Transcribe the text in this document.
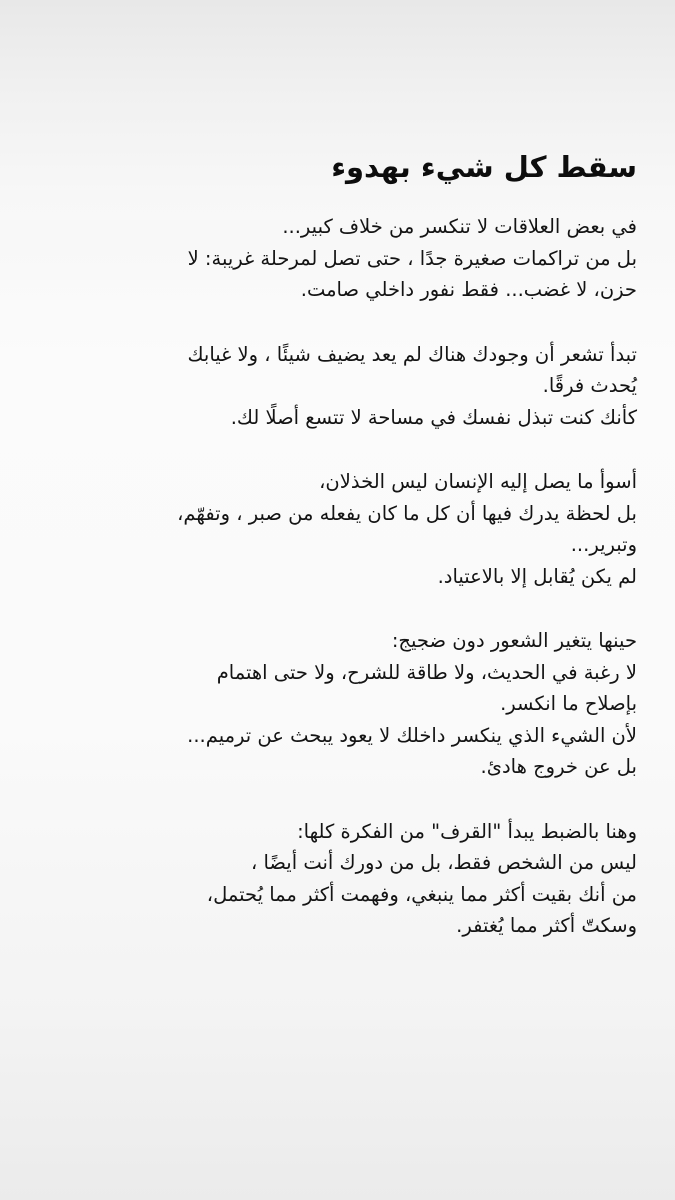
سقط كل شيء بهدوء
في بعض العلاقات لا تنكسر من خلاف كبير...
بل من تراكمات صغيرة جدًا ، حتى تصل لمرحلة غريبة: لا
حزن، لا غضب... فقط نفور داخلي صامت.
تبدأ تشعر أن وجودك هناك لم يعد يضيف شيئًا ، ولا غيابك
يُحدث فرقًا.
كأنك كنت تبذل نفسك في مساحة لا تتسع أصلًا لك.
أسوأ ما يصل إليه الإنسان ليس الخذلان،
بل لحظة يدرك فيها أن كل ما كان يفعله من صبر ، وتفهّم،
وتبرير...
لم يكن يُقابل إلا بالاعتياد.
حينها يتغير الشعور دون ضجيج:
لا رغبة في الحديث، ولا طاقة للشرح، ولا حتى اهتمام
بإصلاح ما انكسر.
لأن الشيء الذي ينكسر داخلك لا يعود يبحث عن ترميم...
بل عن خروج هادئ.
وهنا بالضبط يبدأ "القرف" من الفكرة كلها:
ليس من الشخص فقط، بل من دورك أنت أيضًا ،
من أنك بقيت أكثر مما ينبغي، وفهمت أكثر مما يُحتمل،
وسكتّ أكثر مما يُغتفر.
